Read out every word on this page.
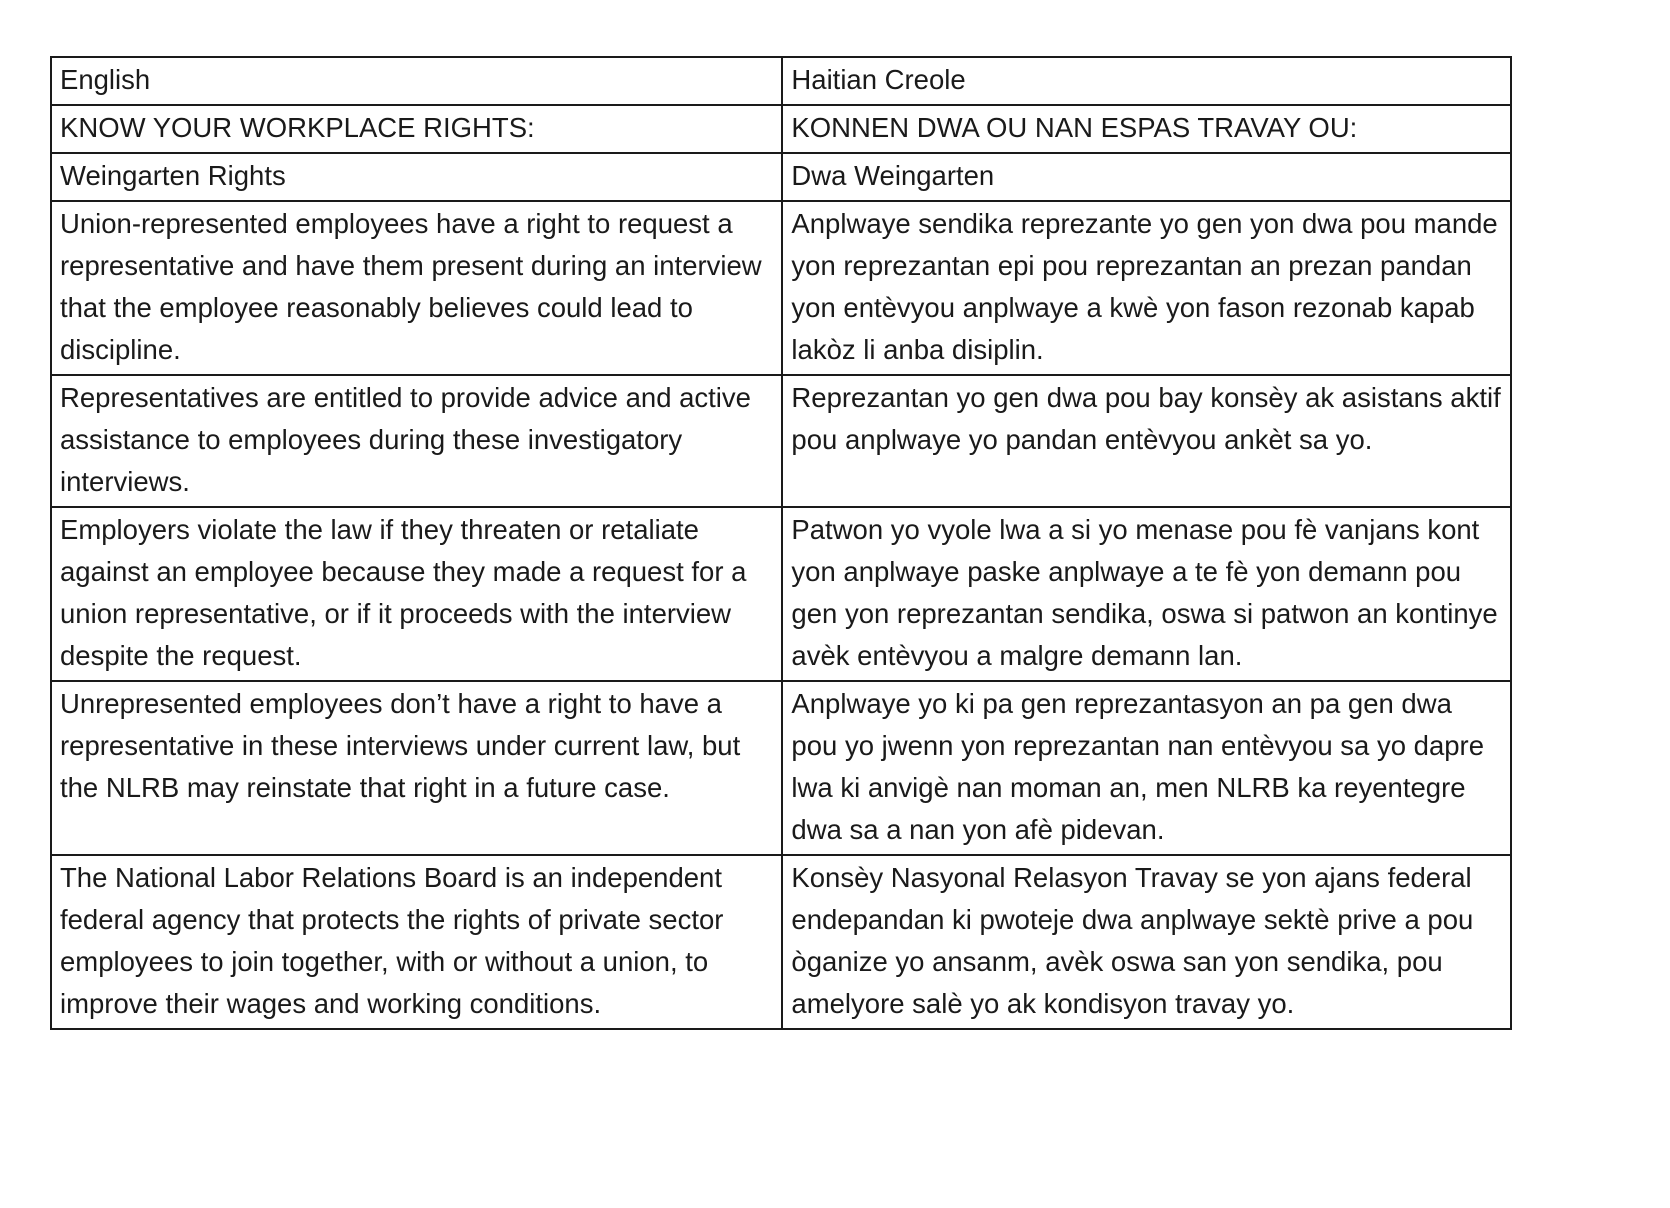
English	Haitian Creole
KNOW YOUR WORKPLACE RIGHTS:	KONNEN DWA OU NAN ESPAS TRAVAY OU:
Weingarten Rights	Dwa Weingarten
Union-represented employees have a right to request a representative and have them present during an interview that the employee reasonably believes could lead to discipline.	Anplwaye sendika reprezante yo gen yon dwa pou mande yon reprezantan epi pou reprezantan an prezan pandan yon entèvyou anplwaye a kwè yon fason rezonab kapab lakòz li anba disiplin.
Representatives are entitled to provide advice and active assistance to employees during these investigatory interviews.	Reprezantan yo gen dwa pou bay konsèy ak asistans aktif pou anplwaye yo pandan entèvyou ankèt sa yo.
Employers violate the law if they threaten or retaliate against an employee because they made a request for a union representative, or if it proceeds with the interview despite the request.	Patwon yo vyole lwa a si yo menase pou fè vanjans kont yon anplwaye paske anplwaye a te fè yon demann pou gen yon reprezantan sendika, oswa si patwon an kontinye avèk entèvyou a malgre demann lan.
Unrepresented employees don’t have a right to have a representative in these interviews under current law, but the NLRB may reinstate that right in a future case.	Anplwaye yo ki pa gen reprezantasyon an pa gen dwa pou yo jwenn yon reprezantan nan entèvyou sa yo dapre lwa ki anvigè nan moman an, men NLRB ka reyentegre dwa sa a nan yon afè pidevan.
The National Labor Relations Board is an independent federal agency that protects the rights of private sector employees to join together, with or without a union, to improve their wages and working conditions.	Konsèy Nasyonal Relasyon Travay se yon ajans federal endepandan ki pwoteje dwa anplwaye sektè prive a pou òganize yo ansanm, avèk oswa san yon sendika, pou amelyore salè yo ak kondisyon travay yo.
